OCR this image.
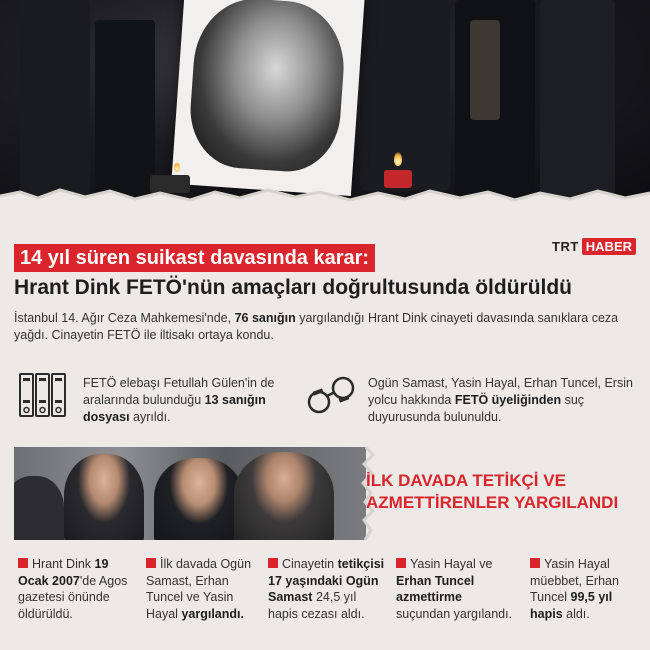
14 yıl süren suikast davasında karar:
TRT HABER
Hrant Dink FETÖ'nün amaçları doğrultusunda öldürüldü
İstanbul 14. Ağır Ceza Mahkemesi'nde, 76 sanığın yargılandığı Hrant Dink cinayeti davasında sanıklara ceza yağdı. Cinayetin FETÖ ile iltisakı ortaya kondu.
FETÖ elebaşı Fetullah Gülen'in de aralarında bulunduğu 13 sanığın dosyası ayrıldı.
Ogün Samast, Yasin Hayal, Erhan Tuncel, Ersin yolcu hakkında FETÖ üyeliğinden suç duyurusunda bulunuldu.
İLK DAVADA TETİKÇİ VE AZMETTİRENLER YARGILANDI
Hrant Dink 19 Ocak 2007'de Agos gazetesi önünde öldürüldü.
İlk davada Ogün Samast, Erhan Tuncel ve Yasin Hayal yargılandı.
Cinayetin tetikçisi 17 yaşındaki Ogün Samast 24,5 yıl hapis cezası aldı.
Yasin Hayal ve Erhan Tuncel azmettirme suçundan yargılandı.
Yasin Hayal müebbet, Erhan Tuncel 99,5 yıl hapis aldı.
